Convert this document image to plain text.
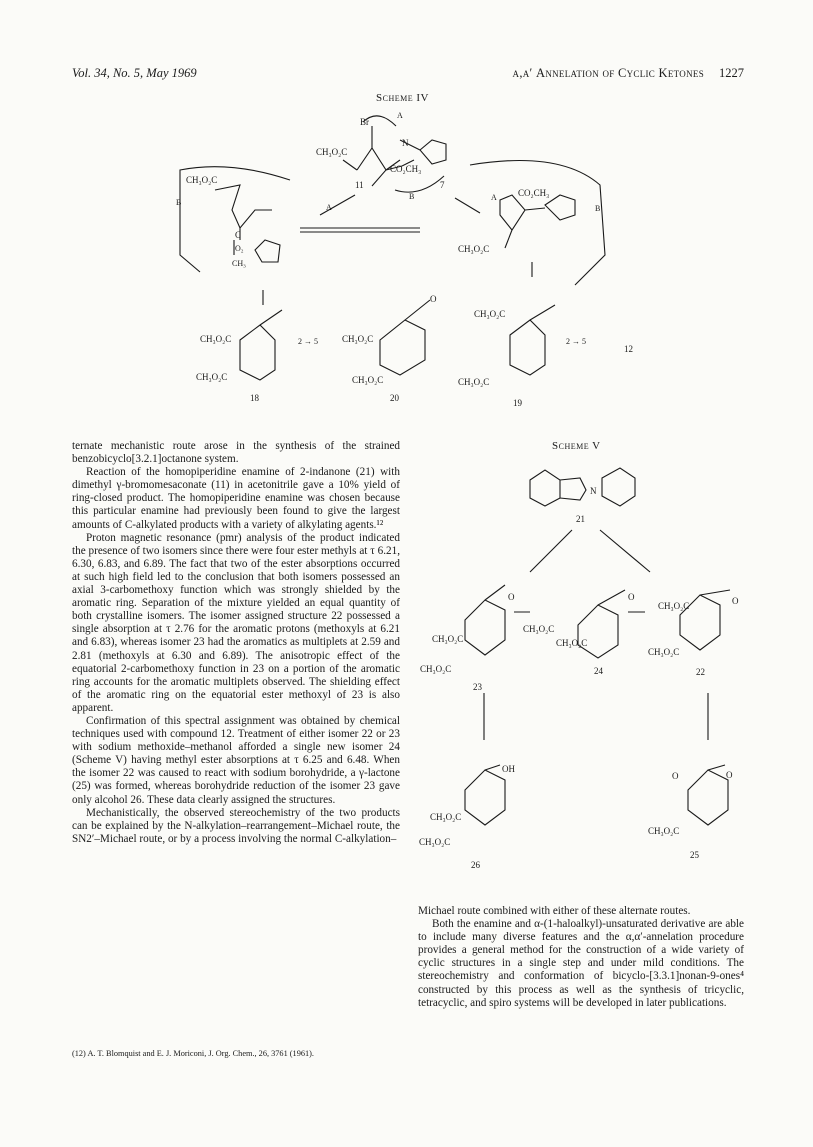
Vol. 34, No. 5, May 1969	α,α′ Annelation of Cyclic Ketones 1227
Scheme IV
Br
A
CH₃O₂C
N
CO₂CH₃
11
B
7
CH₃O₂C
B
A
C
O₂
CH₃
CO₂CH₃
A
B
CH₃O₂C
CH₃O₂C
CH₃O₂C
18
2 → 5	CH₃O₂C
CH₃O₂C
O
20
CH₃O₂C
CH₃O₂C
19
2 → 5
12
Scheme V
N
21
CH₃O₂C
CH₃O₂C
O
23
CH₃O₂C
CH₃O₂C
O
24
CH₃O₂C
CH₃O₂C
O
22
OH
CH₃O₂C
CH₃O₂C
26
O	O
CH₃O₂C
25

ternate mechanistic route arose in the synthesis of the strained benzobicyclo[3.2.1]octanone system.

Reaction of the homopiperidine enamine of 2-indanone (21) with dimethyl γ-bromomesaconate (11) in acetonitrile gave a 10% yield of ring-closed product. The homopiperidine enamine was chosen because this particular enamine had previously been found to give the largest amounts of C-alkylated products with a variety of alkylating agents.¹²

Proton magnetic resonance (pmr) analysis of the product indicated the presence of two isomers since there were four ester methyls at τ 6.21, 6.30, 6.83, and 6.89. The fact that two of the ester absorptions occurred at such high field led to the conclusion that both isomers possessed an axial 3-carbomethoxy function which was strongly shielded by the aromatic ring. Separation of the mixture yielded an equal quantity of both crystalline isomers. The isomer assigned structure 22 possessed a single absorption at τ 2.76 for the aromatic protons (methoxyls at 6.21 and 6.83), whereas isomer 23 had the aromatics as multiplets at 2.59 and 2.81 (methoxyls at 6.30 and 6.89). The anisotropic effect of the equatorial 2-carbomethoxy function in 23 on a portion of the aromatic ring accounts for the aromatic multiplets observed. The shielding effect of the aromatic ring on the equatorial ester methoxyl of 23 is also apparent.

Confirmation of this spectral assignment was obtained by chemical techniques used with compound 12. Treatment of either isomer 22 or 23 with sodium methoxide–methanol afforded a single new isomer 24 (Scheme V) having methyl ester absorptions at τ 6.25 and 6.48. When the isomer 22 was caused to react with sodium borohydride, a γ-lactone (25) was formed, whereas borohydride reduction of the isomer 23 gave only alcohol 26. These data clearly assigned the structures.

Mechanistically, the observed stereochemistry of the two products can be explained by the N-alkylation–rearrangement–Michael route, the SN2′–Michael route, or by a process involving the normal C-alkylation–

(12) A. T. Blomquist and E. J. Moriconi, J. Org. Chem., 26, 3761 (1961).

Michael route combined with either of these alternate routes.

Both the enamine and α-(1-haloalkyl)-unsaturated derivative are able to include many diverse features and the α,α′-annelation procedure provides a general method for the construction of a wide variety of cyclic structures in a single step and under mild conditions. The stereochemistry and conformation of bicyclo-[3.3.1]nonan-9-ones⁴ constructed by this process as well as the synthesis of tricyclic, tetracyclic, and spiro systems will be developed in later publications.
